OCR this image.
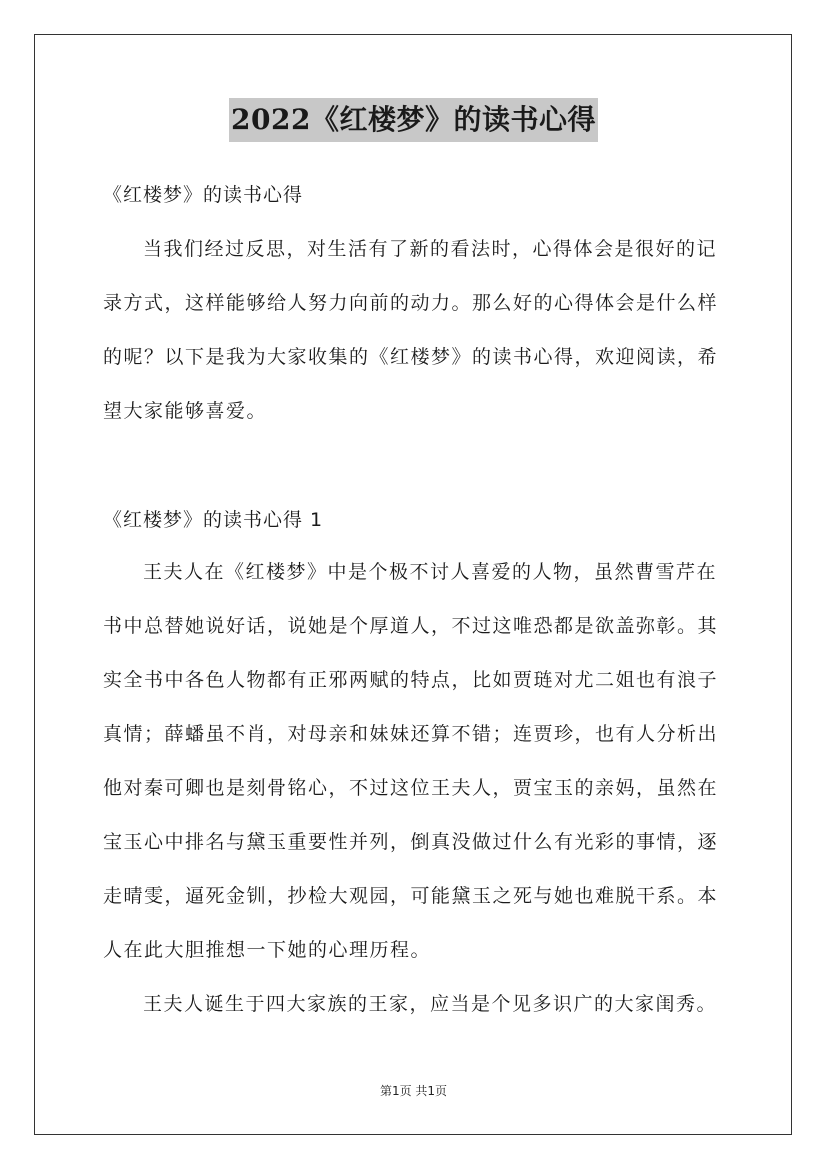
2022《红楼梦》的读书心得
《红楼梦》的读书心得
当我们经过反思，对生活有了新的看法时，心得体会是很好的记录方式，这样能够给人努力向前的动力。那么好的心得体会是什么样的呢？以下是我为大家收集的《红楼梦》的读书心得，欢迎阅读，希望大家能够喜爱。
《红楼梦》的读书心得 1
王夫人在《红楼梦》中是个极不讨人喜爱的人物，虽然曹雪芹在书中总替她说好话，说她是个厚道人，不过这唯恐都是欲盖弥彰。其实全书中各色人物都有正邪两赋的特点，比如贾琏对尤二姐也有浪子真情；薛蟠虽不肖，对母亲和妹妹还算不错；连贾珍，也有人分析出他对秦可卿也是刻骨铭心，不过这位王夫人，贾宝玉的亲妈，虽然在宝玉心中排名与黛玉重要性并列，倒真没做过什么有光彩的事情，逐走晴雯，逼死金钏，抄检大观园，可能黛玉之死与她也难脱干系。本人在此大胆推想一下她的心理历程。
王夫人诞生于四大家族的王家，应当是个见多识广的大家闺秀。
第1页 共1页
